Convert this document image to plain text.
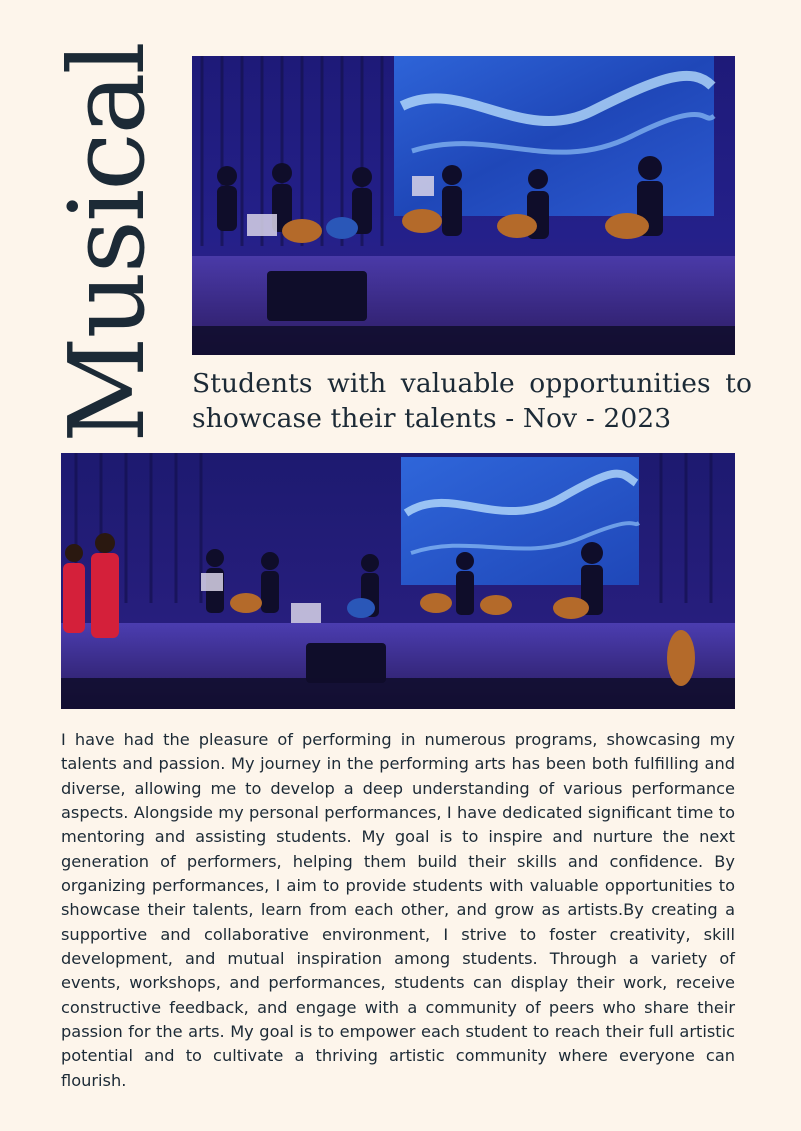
Musical Students with valuable opportunities to showcase their talents - Nov - 2023
I have had the pleasure of performing in numerous programs, showcasing my talents and passion. My journey in the performing arts has been both fulfilling and diverse, allowing me to develop a deep understanding of various performance aspects. Alongside my personal performances, I have dedicated significant time to mentoring and assisting students. My goal is to inspire and nurture the next generation of performers, helping them build their skills and confidence. By organizing performances, I aim to provide students with valuable opportunities to showcase their talents, learn from each other, and grow as artists.By creating a supportive and collaborative environment, I strive to foster creativity, skill development, and mutual inspiration among students. Through a variety of events, workshops, and performances, students can display their work, receive constructive feedback, and engage with a community of peers who share their passion for the arts. My goal is to empower each student to reach their full artistic potential and to cultivate a thriving artistic community where everyone can flourish.
